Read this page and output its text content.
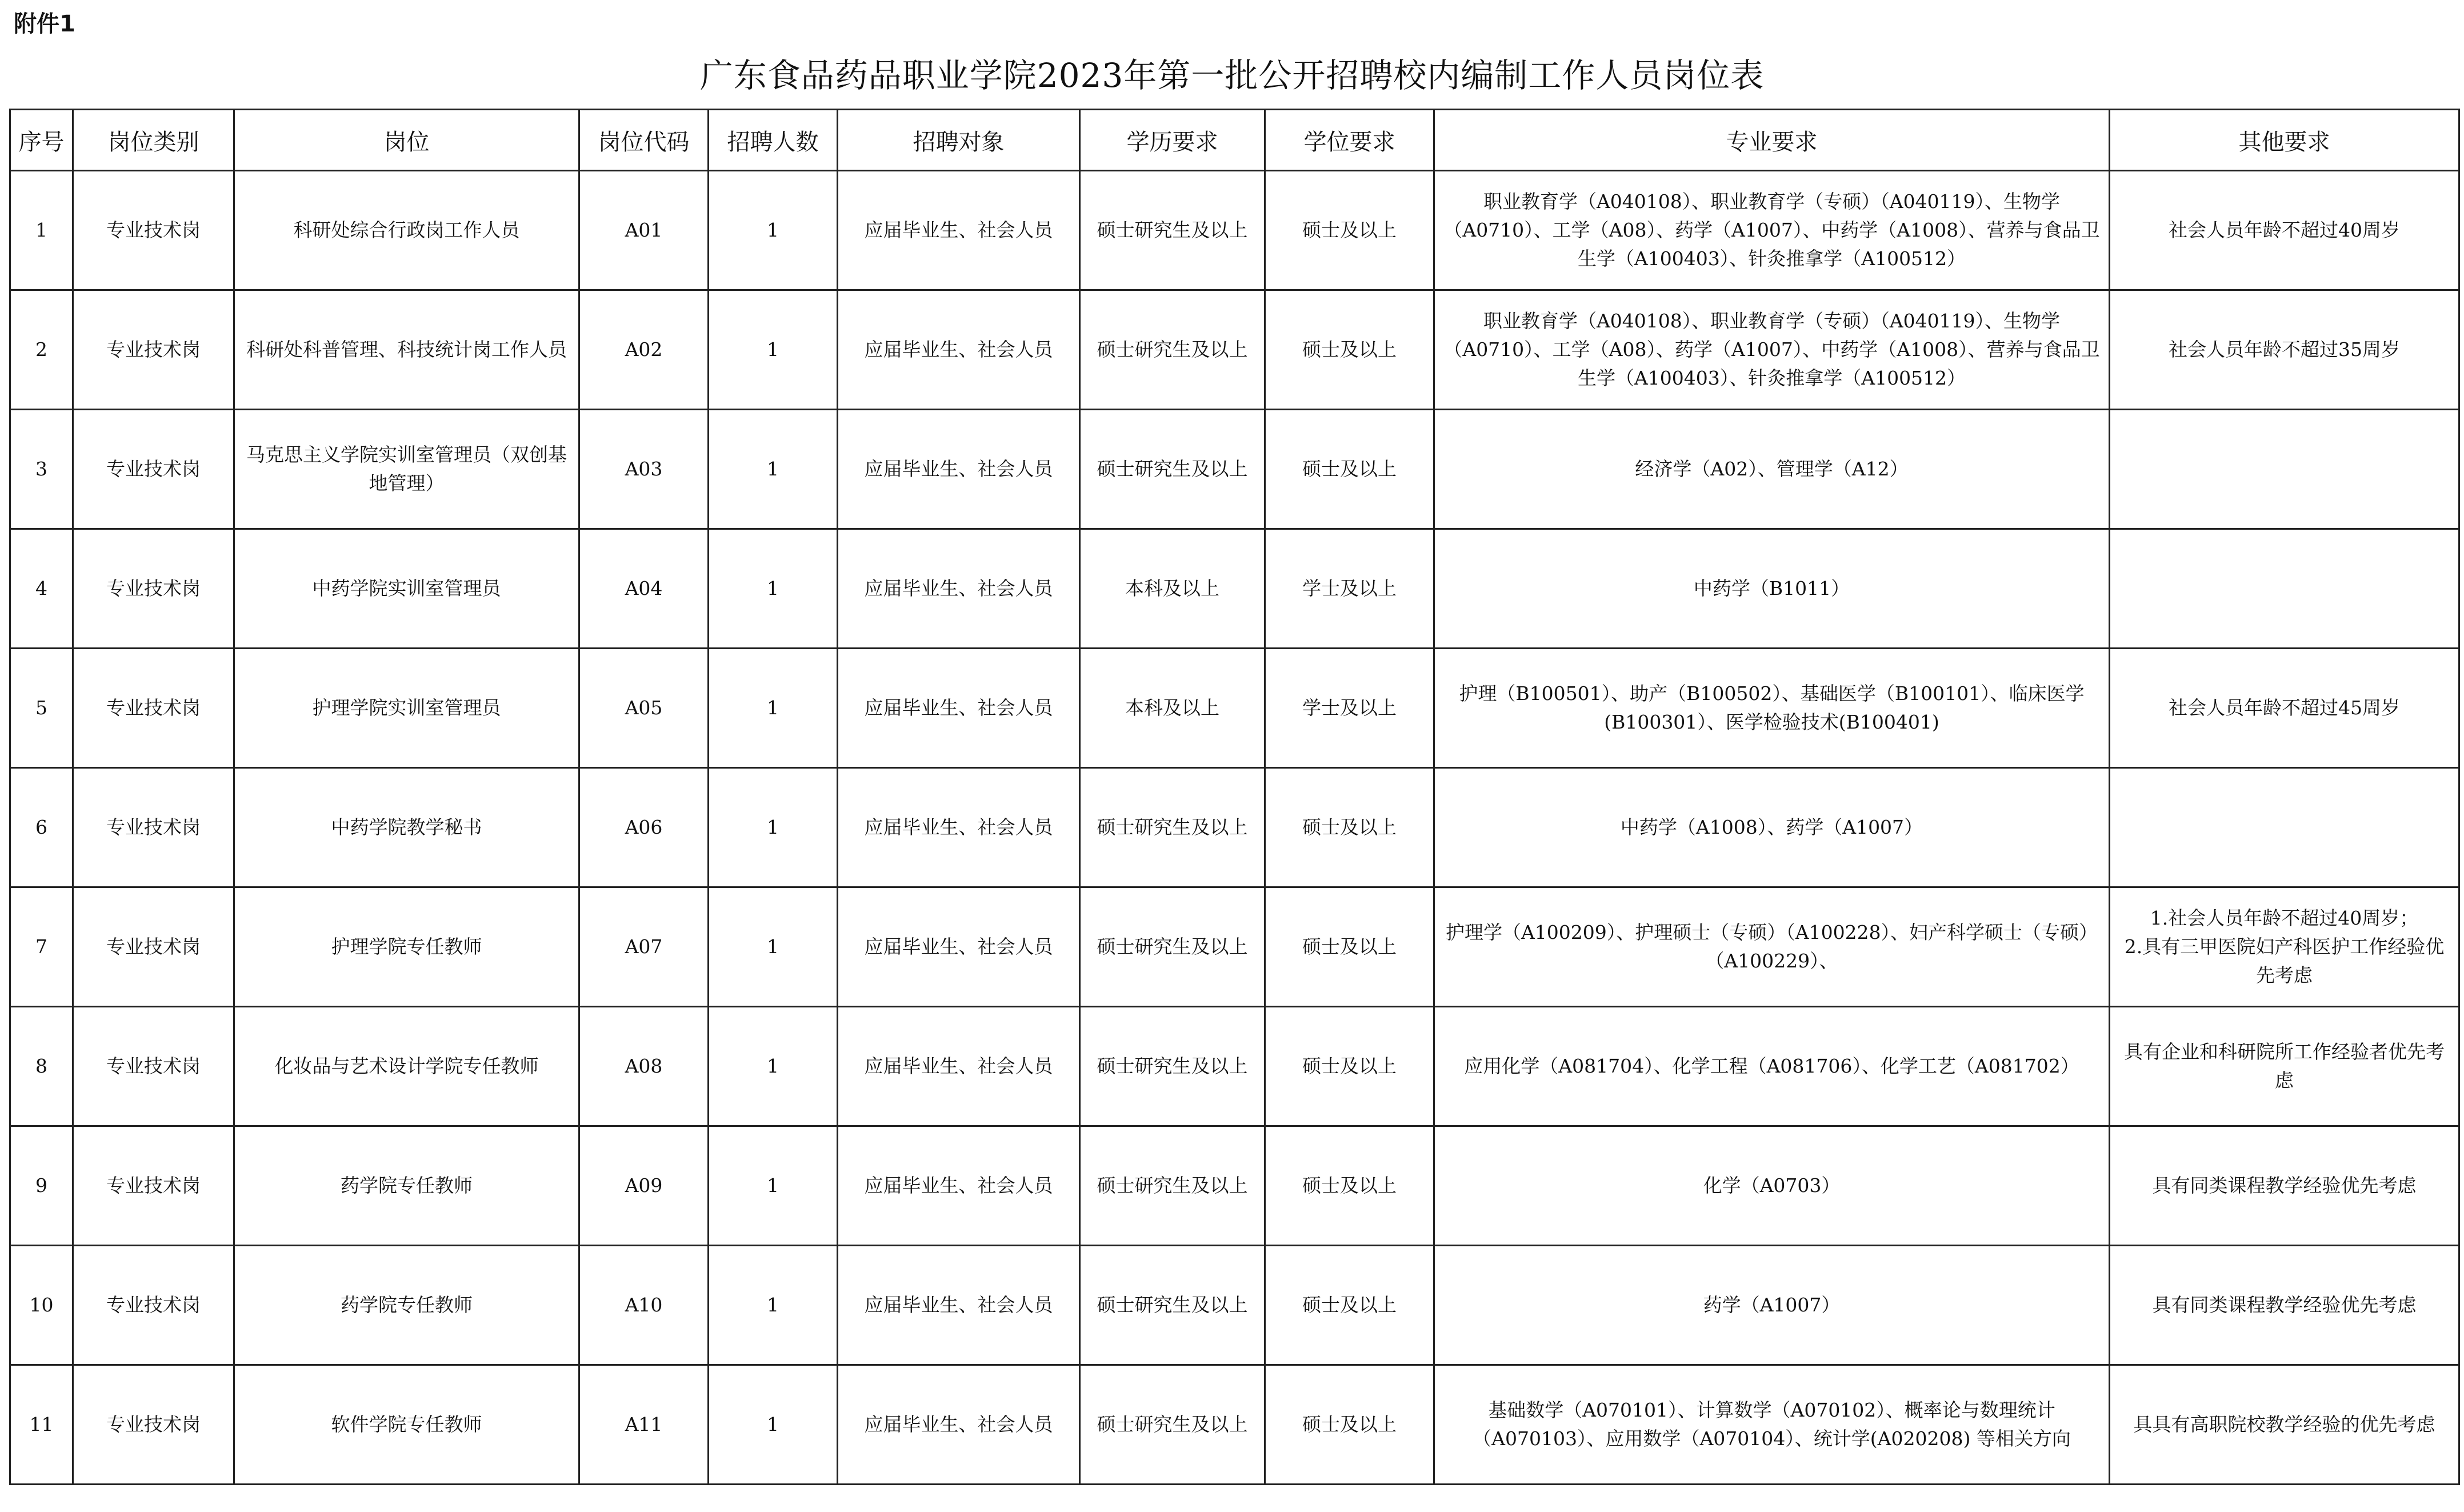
附件1
广东食品药品职业学院2023年第一批公开招聘校内编制工作人员岗位表
序号	岗位类别	岗位	岗位代码	招聘人数	招聘对象	学历要求	学位要求	专业要求	其他要求
1	专业技术岗	科研处综合行政岗工作人员	A01	1	应届毕业生、社会人员	硕士研究生及以上	硕士及以上	职业教育学（A040108）、职业教育学（专硕）（A040119）、生物学（A0710）、工学（A08）、药学（A1007）、中药学（A1008）、营养与食品卫生学（A100403）、针灸推拿学（A100512）	社会人员年龄不超过40周岁
2	专业技术岗	科研处科普管理、科技统计岗工作人员	A02	1	应届毕业生、社会人员	硕士研究生及以上	硕士及以上	职业教育学（A040108）、职业教育学（专硕）（A040119）、生物学（A0710）、工学（A08）、药学（A1007）、中药学（A1008）、营养与食品卫生学（A100403）、针灸推拿学（A100512）	社会人员年龄不超过35周岁
3	专业技术岗	马克思主义学院实训室管理员（双创基地管理）	A03	1	应届毕业生、社会人员	硕士研究生及以上	硕士及以上	经济学（A02）、管理学（A12）	
4	专业技术岗	中药学院实训室管理员	A04	1	应届毕业生、社会人员	本科及以上	学士及以上	中药学（B1011）	
5	专业技术岗	护理学院实训室管理员	A05	1	应届毕业生、社会人员	本科及以上	学士及以上	护理（B100501）、助产（B100502）、基础医学（B100101）、临床医学(B100301）、医学检验技术(B100401)	社会人员年龄不超过45周岁
6	专业技术岗	中药学院教学秘书	A06	1	应届毕业生、社会人员	硕士研究生及以上	硕士及以上	中药学（A1008）、药学（A1007）	
7	专业技术岗	护理学院专任教师	A07	1	应届毕业生、社会人员	硕士研究生及以上	硕士及以上	护理学（A100209）、护理硕士（专硕）（A100228）、妇产科学硕士（专硕）（A100229）、	1.社会人员年龄不超过40周岁；
2.具有三甲医院妇产科医护工作经验优先考虑
8	专业技术岗	化妆品与艺术设计学院专任教师	A08	1	应届毕业生、社会人员	硕士研究生及以上	硕士及以上	应用化学（A081704）、化学工程（A081706）、化学工艺（A081702）	具有企业和科研院所工作经验者优先考虑
9	专业技术岗	药学院专任教师	A09	1	应届毕业生、社会人员	硕士研究生及以上	硕士及以上	化学（A0703）	具有同类课程教学经验优先考虑
10	专业技术岗	药学院专任教师	A10	1	应届毕业生、社会人员	硕士研究生及以上	硕士及以上	药学（A1007）	具有同类课程教学经验优先考虑
11	专业技术岗	软件学院专任教师	A11	1	应届毕业生、社会人员	硕士研究生及以上	硕士及以上	基础数学（A070101）、计算数学（A070102）、概率论与数理统计（A070103）、应用数学（A070104）、统计学(A020208) 等相关方向	具具有高职院校教学经验的优先考虑
